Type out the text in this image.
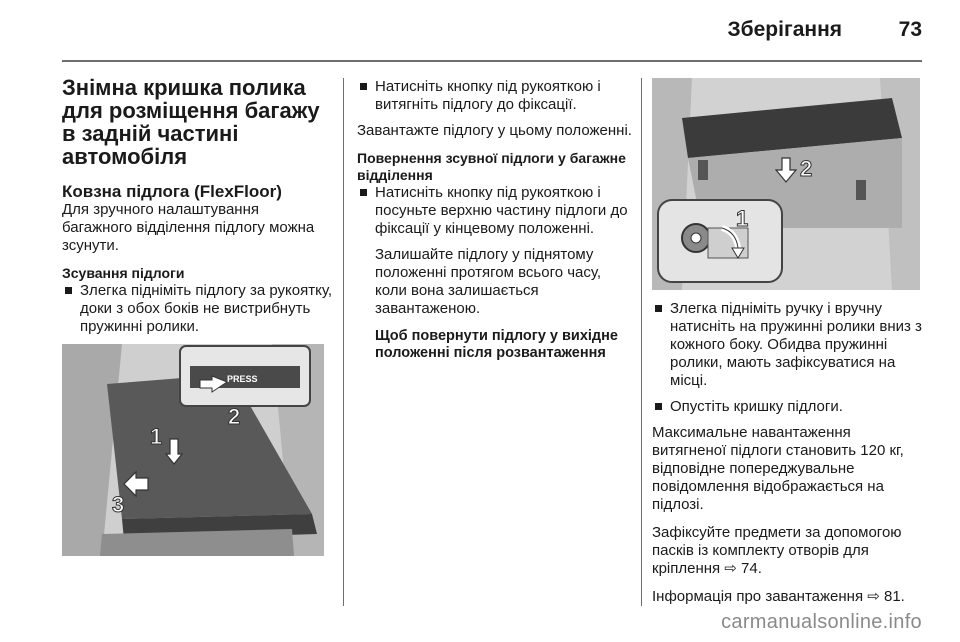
Зберігання	73
Знімна кришка полика для розміщення багажу в задній частині автомобіля
Ковзна підлога (FlexFloor)

Для зручного налаштування багажного відділення підлогу можна зсунути.

Зсування підлоги
Злегка підніміть підлогу за рукоятку, доки з обох боків не вистрибнуть пружинні ролики.
PRESS
1
2
3
Натисніть кнопку під рукояткою і витягніть підлогу до фіксації.

Завантажте підлогу у цьому положенні.

Повернення зсувної підлоги у багажне відділення
Натисніть кнопку під рукояткою і посуньте верхню частину підлоги до фіксації у кінцевому положенні.

Залишайте підлогу у піднятому положенні протягом всього часу, коли вона залишається завантаженою.

Щоб повернути підлогу у вихідне положенні після розвантаження
2
1
Злегка підніміть ручку і вручну натисніть на пружинні ролики вниз з кожного боку. Обидва пружинні ролики, мають зафіксуватися на місці.
Опустіть кришку підлоги.

Максимальне навантаження витягненої підлоги становить 120 кг, відповідне попереджувальне повідомлення відображається на підлозі.

Зафіксуйте предмети за допомогою пасків із комплекту отворів для кріплення ⇨ 74.

Інформація про завантаження ⇨ 81.

carmanualsonline.info
